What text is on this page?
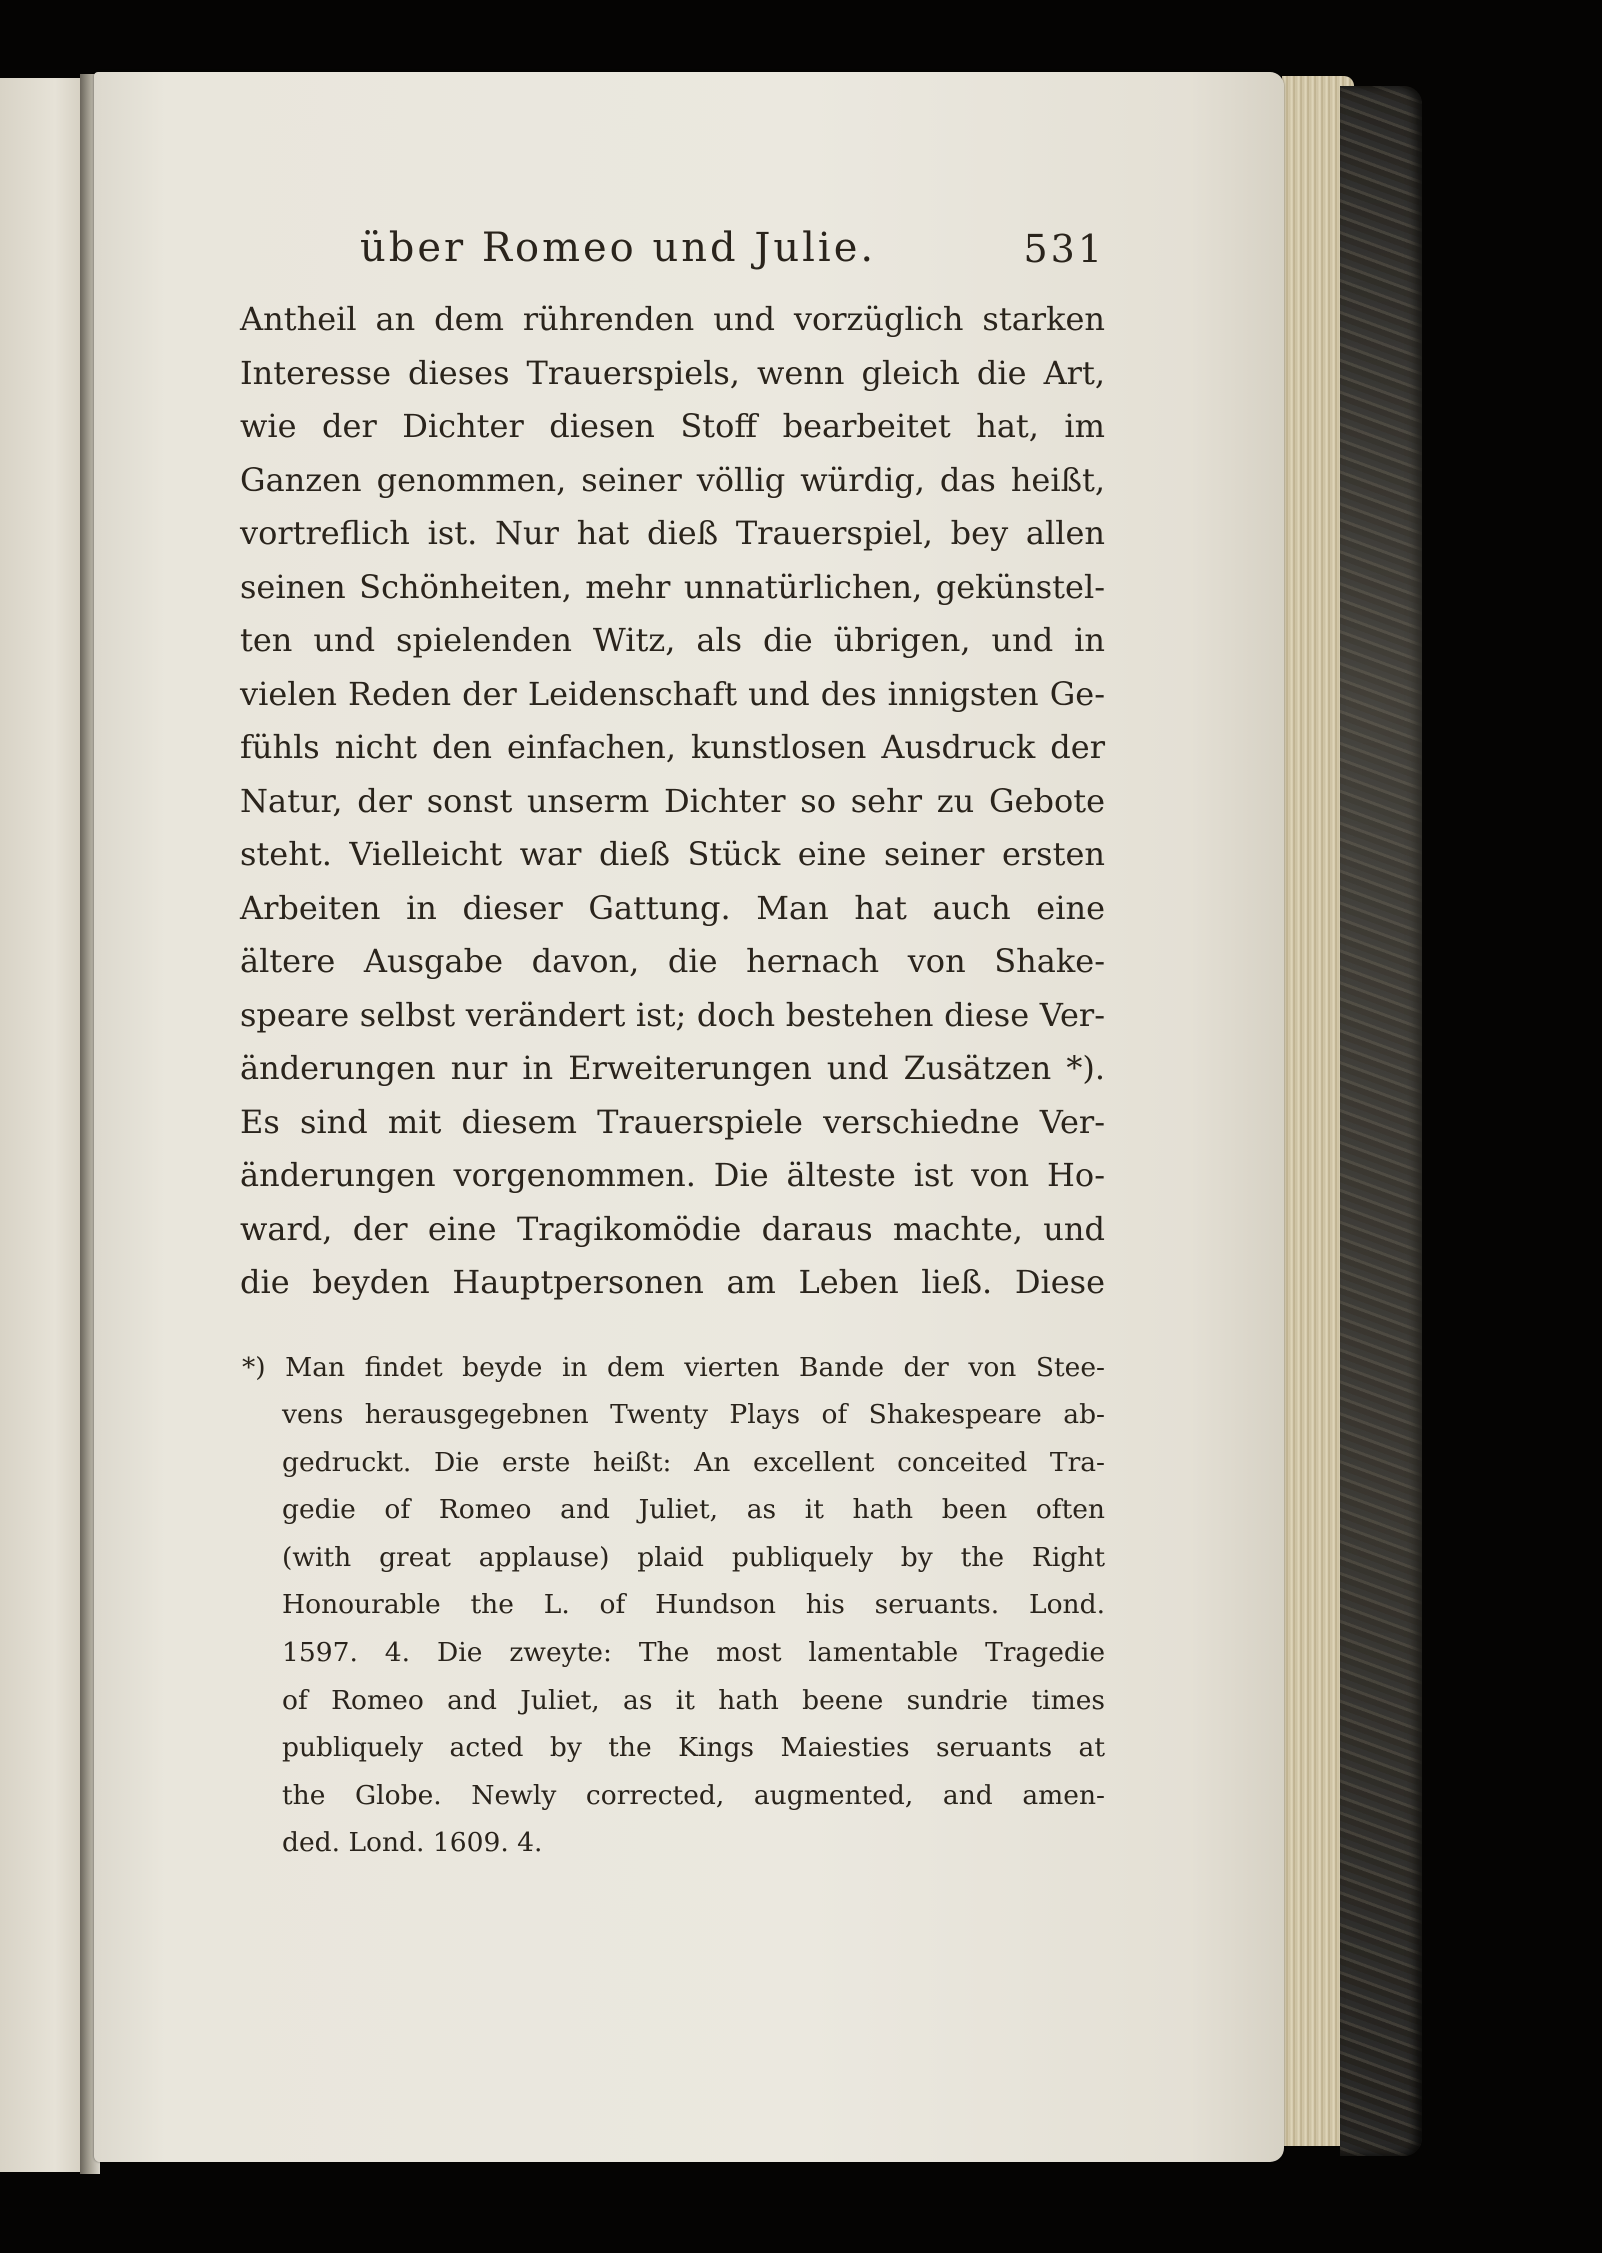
über Romeo und Julie.	531
Antheil an dem rührenden und vorzüglich starken
Interesse dieses Trauerspiels, wenn gleich die Art,
wie der Dichter diesen Stoff bearbeitet hat, im
Ganzen genommen, seiner völlig würdig, das heißt,
vortreflich ist. Nur hat dieß Trauerspiel, bey allen
seinen Schönheiten, mehr unnatürlichen, gekünstel-
ten und spielenden Witz, als die übrigen, und in
vielen Reden der Leidenschaft und des innigsten Ge-
fühls nicht den einfachen, kunstlosen Ausdruck der
Natur, der sonst unserm Dichter so sehr zu Gebote
steht. Vielleicht war dieß Stück eine seiner ersten
Arbeiten in dieser Gattung. Man hat auch eine
ältere Ausgabe davon, die hernach von Shake-
speare selbst verändert ist; doch bestehen diese Ver-
änderungen nur in Erweiterungen und Zusätzen *).
Es sind mit diesem Trauerspiele verschiedne Ver-
änderungen vorgenommen. Die älteste ist von Ho-
ward, der eine Tragikomödie daraus machte, und
die beyden Hauptpersonen am Leben ließ. Diese
*) Man findet beyde in dem vierten Bande der von Stee-
vens herausgegebnen Twenty Plays of Shakespeare ab-
gedruckt. Die erste heißt: An excellent conceited Tra-
gedie of Romeo and Juliet, as it hath been often
(with great applause) plaid publiquely by the Right
Honourable the L. of Hundson his seruants. Lond.
1597. 4. Die zweyte: The most lamentable Tragedie
of Romeo and Juliet, as it hath beene sundrie times
publiquely acted by the Kings Maiesties seruants at
the Globe. Newly corrected, augmented, and amen-
ded. Lond. 1609. 4.
